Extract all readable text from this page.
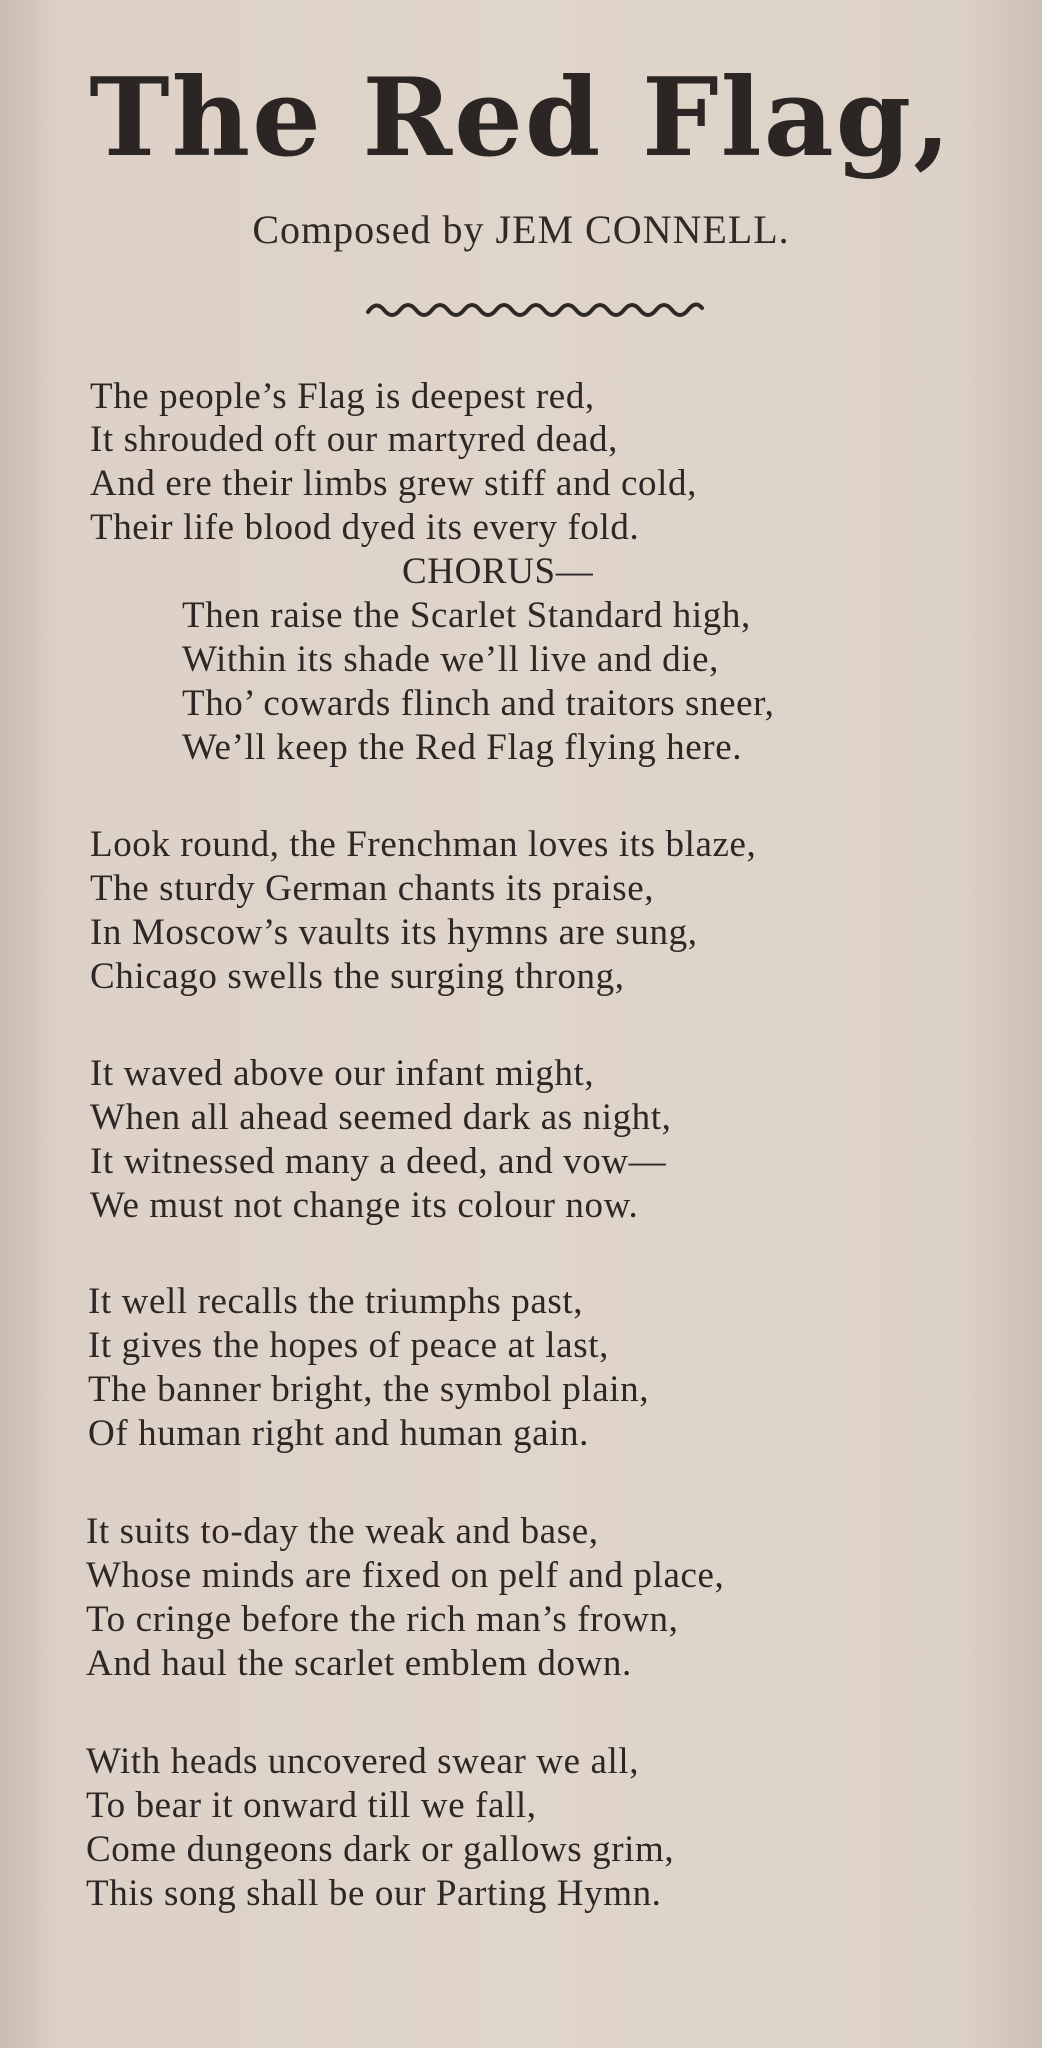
The Red Flag,
Composed by JEM CONNELL.
The people’s Flag is deepest red,
It shrouded oft our martyred dead,
And ere their limbs grew stiff and cold,
Their life blood dyed its every fold.
CHORUS—
Then raise the Scarlet Standard high,
Within its shade we’ll live and die,
Tho’ cowards flinch and traitors sneer,
We’ll keep the Red Flag flying here.
Look round, the Frenchman loves its blaze,
The sturdy German chants its praise,
In Moscow’s vaults its hymns are sung,
Chicago swells the surging throng,
It waved above our infant might,
When all ahead seemed dark as night,
It witnessed many a deed, and vow—
We must not change its colour now.
It well recalls the triumphs past,
It gives the hopes of peace at last,
The banner bright, the symbol plain,
Of human right and human gain.
It suits to-day the weak and base,
Whose minds are fixed on pelf and place,
To cringe before the rich man’s frown,
And haul the scarlet emblem down.
With heads uncovered swear we all,
To bear it onward till we fall,
Come dungeons dark or gallows grim,
This song shall be our Parting Hymn.
